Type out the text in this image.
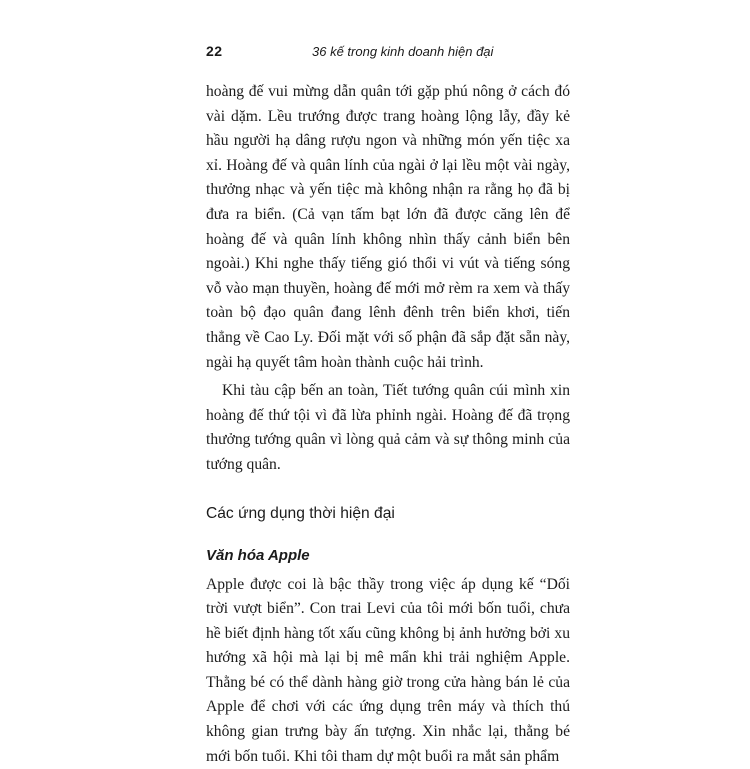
22	36 kế trong kinh doanh hiện đại

hoàng đế vui mừng dẫn quân tới gặp phú nông ở cách đó vài dặm. Lều trướng được trang hoàng lộng lẫy, đầy kẻ hầu người hạ dâng rượu ngon và những món yến tiệc xa xỉ. Hoàng đế và quân lính của ngài ở lại lều một vài ngày, thưởng nhạc và yến tiệc mà không nhận ra rằng họ đã bị đưa ra biển. (Cả vạn tấm bạt lớn đã được căng lên để hoàng đế và quân lính không nhìn thấy cảnh biển bên ngoài.) Khi nghe thấy tiếng gió thổi vi vút và tiếng sóng vỗ vào mạn thuyền, hoàng đế mới mở rèm ra xem và thấy toàn bộ đạo quân đang lênh đênh trên biển khơi, tiến thẳng về Cao Ly. Đối mặt với số phận đã sắp đặt sẵn này, ngài hạ quyết tâm hoàn thành cuộc hải trình.

Khi tàu cập bến an toàn, Tiết tướng quân cúi mình xin hoàng đế thứ tội vì đã lừa phỉnh ngài. Hoàng đế đã trọng thưởng tướng quân vì lòng quả cảm và sự thông minh của tướng quân.

Các ứng dụng thời hiện đại
Văn hóa Apple

Apple được coi là bậc thầy trong việc áp dụng kế “Dối trời vượt biển”. Con trai Levi của tôi mới bốn tuổi, chưa hề biết định hàng tốt xấu cũng không bị ảnh hưởng bởi xu hướng xã hội mà lại bị mê mẩn khi trải nghiệm Apple. Thằng bé có thể dành hàng giờ trong cửa hàng bán lẻ của Apple để chơi với các ứng dụng trên máy và thích thú không gian trưng bày ấn tượng. Xin nhắc lại, thằng bé mới bốn tuổi. Khi tôi tham dự một buổi ra mắt sản phẩm
